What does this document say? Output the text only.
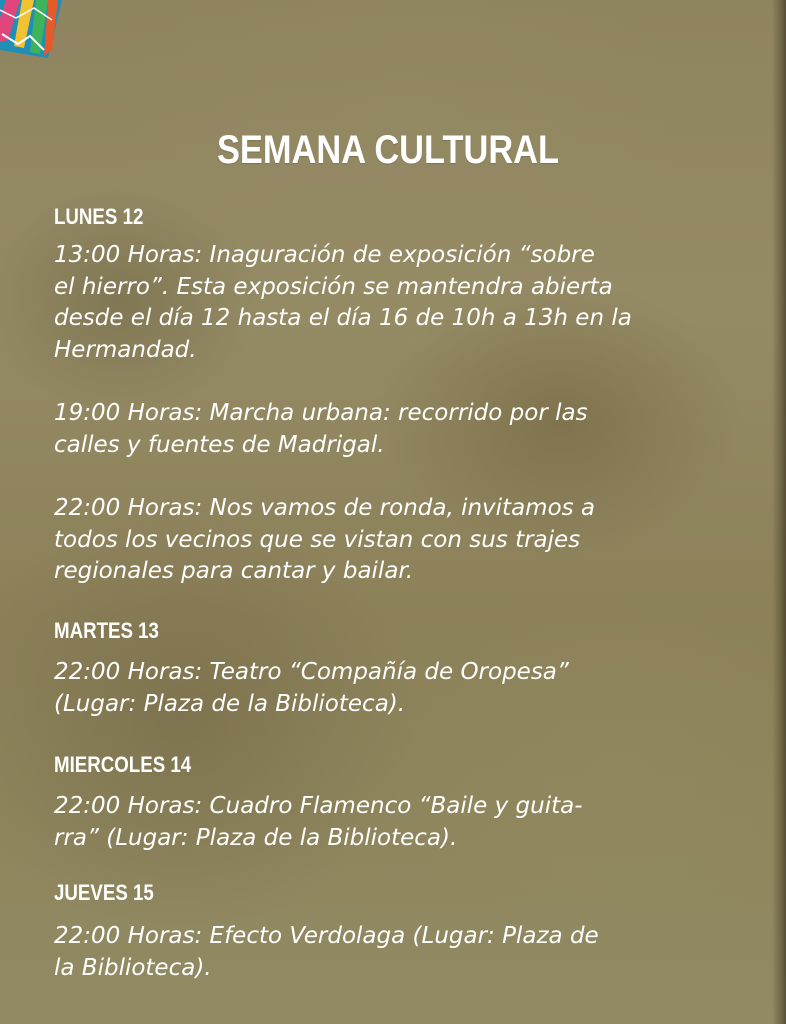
SEMANA CULTURAL
LUNES 12
13:00 Horas: Inaguración de exposición “sobre
el hierro”. Esta exposición se mantendra abierta
desde el día 12 hasta el día 16 de 10h a 13h en la
Hermandad.
19:00 Horas: Marcha urbana: recorrido por las
calles y fuentes de Madrigal.
22:00 Horas: Nos vamos de ronda, invitamos a
todos los vecinos que se vistan con sus trajes
regionales para cantar y bailar.
MARTES 13
22:00 Horas: Teatro “Compañía de Oropesa”
(Lugar: Plaza de la Biblioteca).
MIERCOLES 14
22:00 Horas: Cuadro Flamenco “Baile y guita-
rra” (Lugar: Plaza de la Biblioteca).
JUEVES 15
22:00 Horas: Efecto Verdolaga (Lugar: Plaza de
la Biblioteca).
